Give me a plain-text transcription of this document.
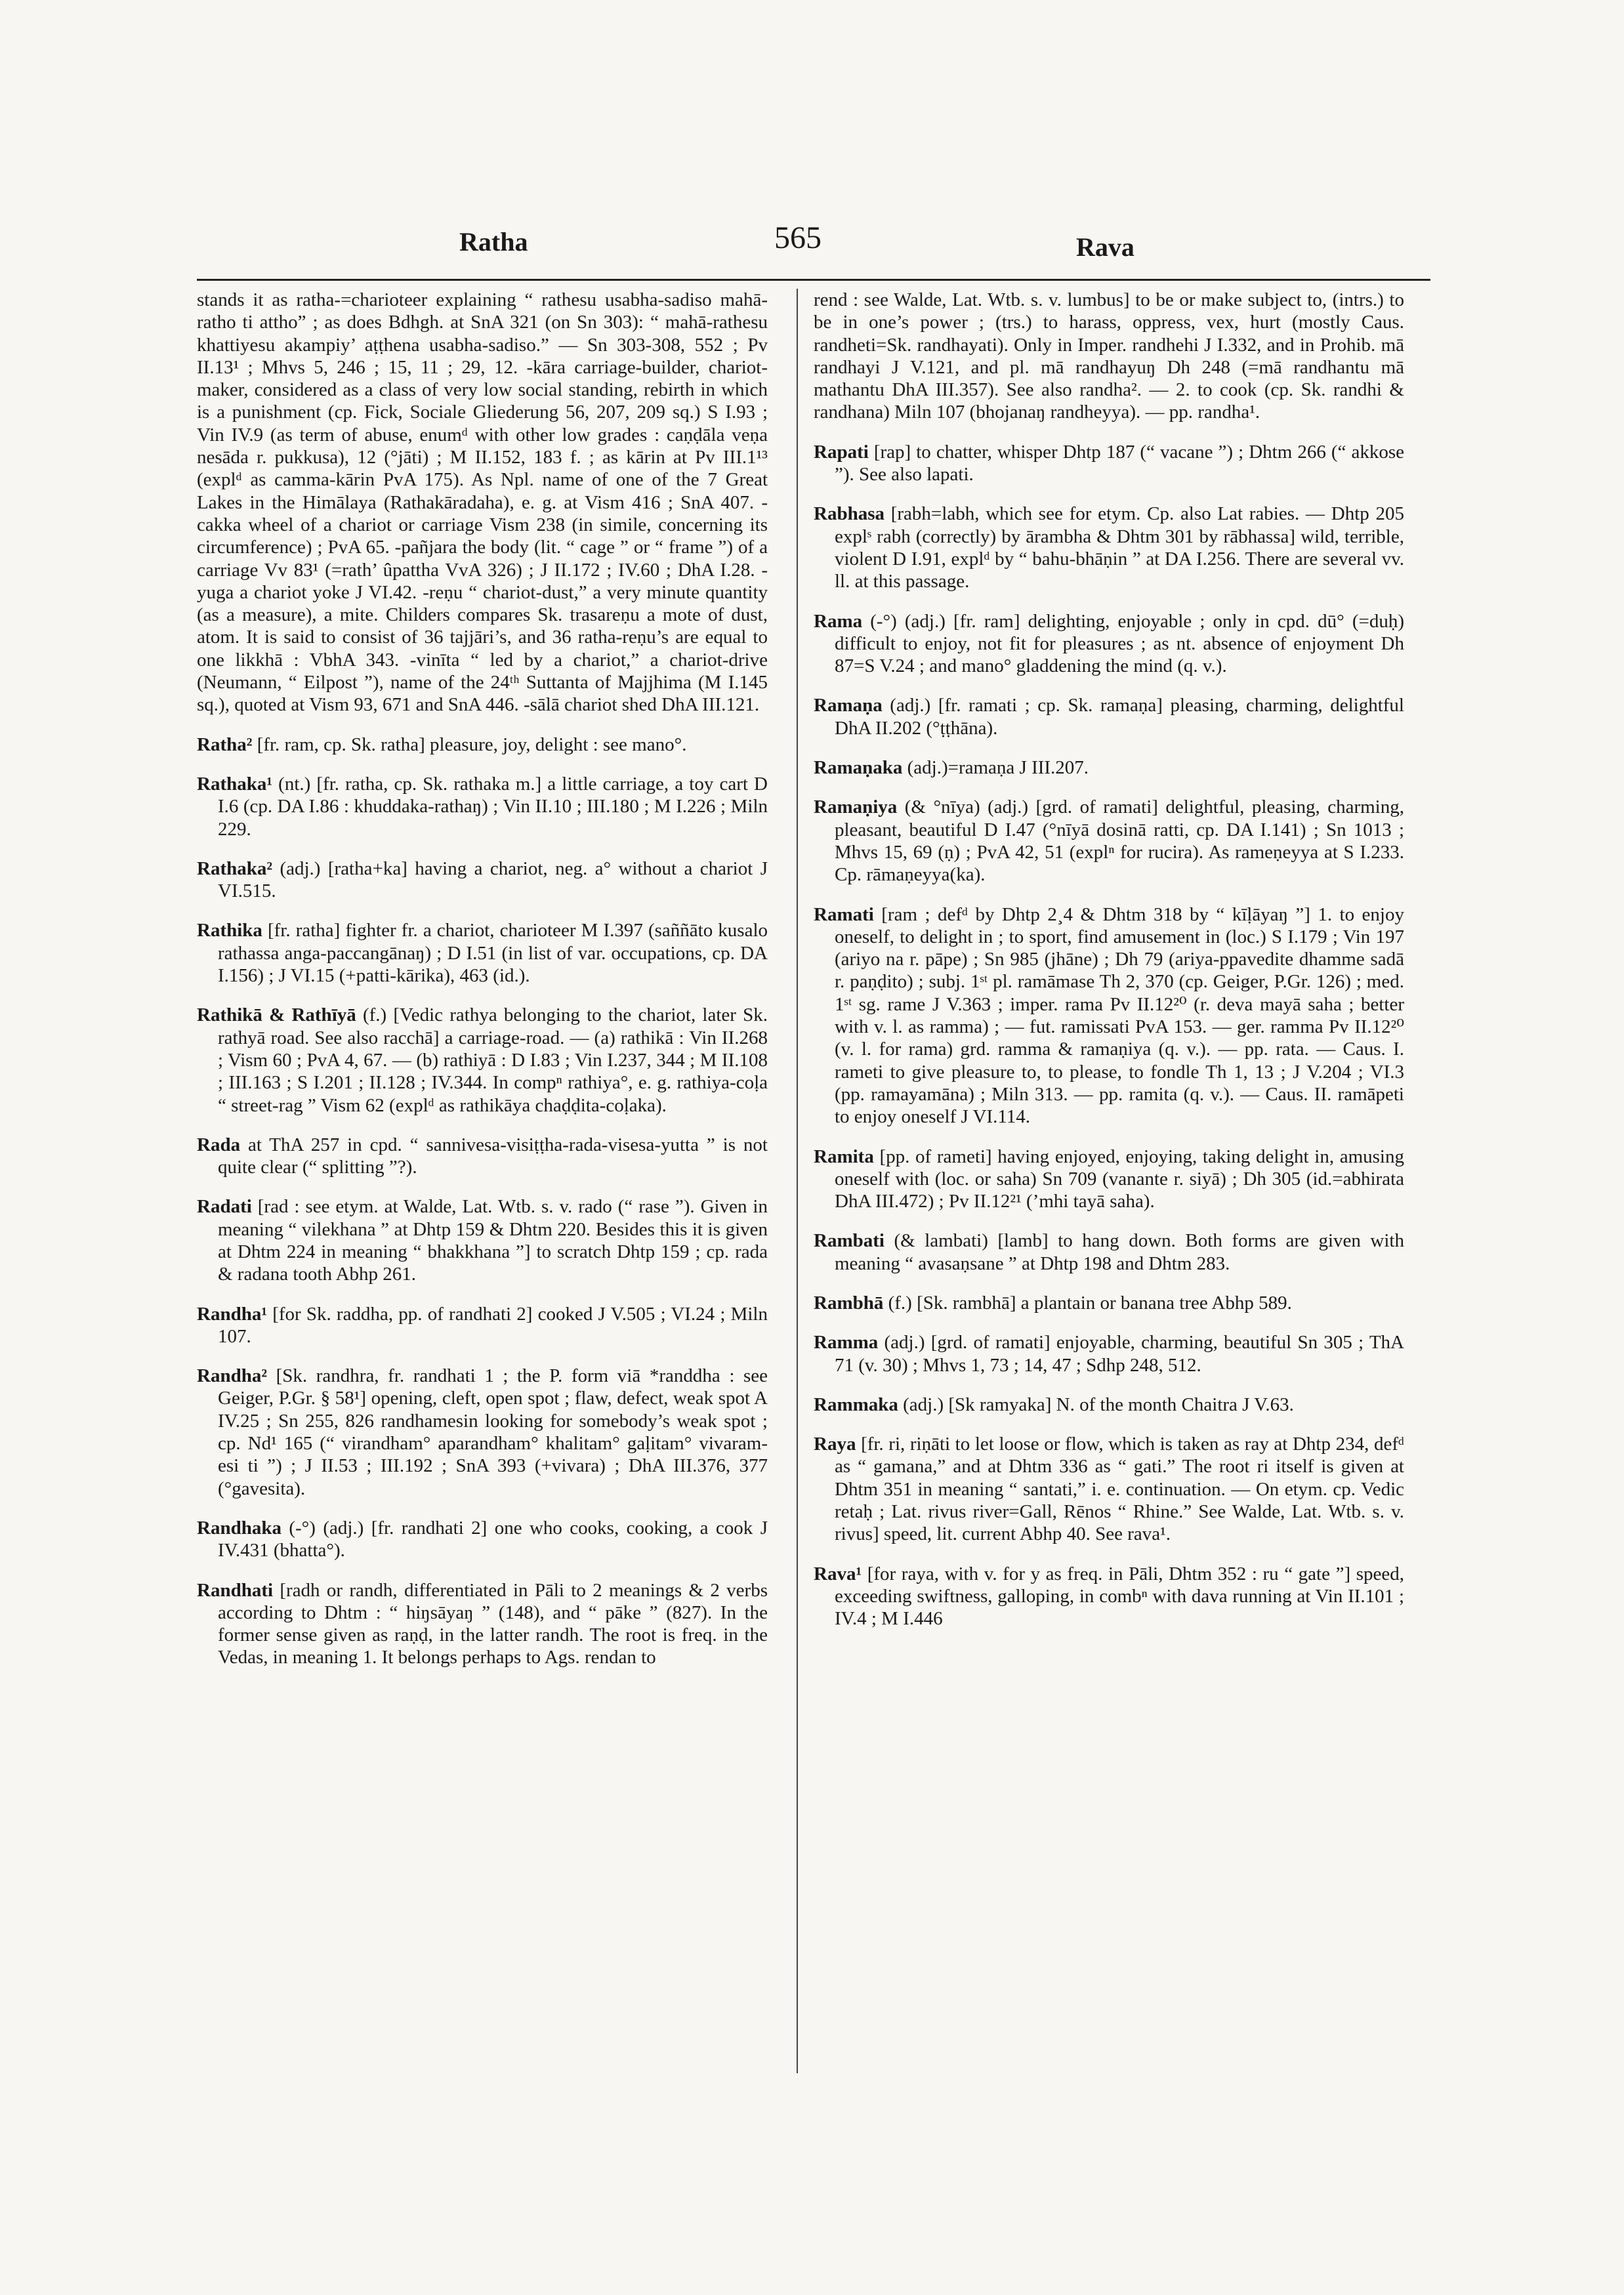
Ratha	565	Rava

stands it as ratha-=charioteer explaining “ rathesu usabha-sadiso mahā-ratho ti attho” ; as does Bdhgh. at SnA 321 (on Sn 303): “ mahā-rathesu khattiyesu akampiy’ aṭṭhena usabha-sadiso.” — Sn 303-308, 552 ; Pv II.13¹ ; Mhvs 5, 246 ; 15, 11 ; 29, 12. -kāra carriage-builder, chariot-maker, considered as a class of very low social standing, rebirth in which is a punishment (cp. Fick, Sociale Gliederung 56, 207, 209 sq.) S I.93 ; Vin IV.9 (as term of abuse, enumᵈ with other low grades : caṇḍāla veṇa nesāda r. pukkusa), 12 (°jāti) ; M II.152, 183 f. ; as kārin at Pv III.1¹³ (explᵈ as camma-kārin PvA 175). As Npl. name of one of the 7 Great Lakes in the Himālaya (Rathakāradaha), e. g. at Vism 416 ; SnA 407. -cakka wheel of a chariot or carriage Vism 238 (in simile, concerning its circumference) ; PvA 65. -pañjara the body (lit. “ cage ” or “ frame ”) of a carriage Vv 83¹ (=rath’ ûpattha VvA 326) ; J II.172 ; IV.60 ; DhA I.28. -yuga a chariot yoke J VI.42. -reṇu “ chariot-dust,” a very minute quantity (as a measure), a mite. Childers compares Sk. trasareṇu a mote of dust, atom. It is said to consist of 36 tajjāri’s, and 36 ratha-reṇu’s are equal to one likkhā : VbhA 343. -vinīta “ led by a chariot,” a chariot-drive (Neumann, “ Eilpost ”), name of the 24ᵗʰ Suttanta of Majjhima (M I.145 sq.), quoted at Vism 93, 671 and SnA 446. -sālā chariot shed DhA III.121.

Ratha² [fr. ram, cp. Sk. ratha] pleasure, joy, delight : see mano°.

Rathaka¹ (nt.) [fr. ratha, cp. Sk. rathaka m.] a little carriage, a toy cart D I.6 (cp. DA I.86 : khuddaka-rathaŋ) ; Vin II.10 ; III.180 ; M I.226 ; Miln 229.

Rathaka² (adj.) [ratha+ka] having a chariot, neg. a° without a chariot J VI.515.

Rathika [fr. ratha] fighter fr. a chariot, charioteer M I.397 (saññāto kusalo rathassa anga-paccangānaŋ) ; D I.51 (in list of var. occupations, cp. DA I.156) ; J VI.15 (+patti-kārika), 463 (id.).

Rathikā & Rathīyā (f.) [Vedic rathya belonging to the chariot, later Sk. rathyā road. See also racchā] a carriage-road. — (a) rathikā : Vin II.268 ; Vism 60 ; PvA 4, 67. — (b) rathiyā : D I.83 ; Vin I.237, 344 ; M II.108 ; III.163 ; S I.201 ; II.128 ; IV.344. In compⁿ rathiya°, e. g. rathiya-coḷa “ street-rag ” Vism 62 (explᵈ as rathikāya chaḍḍita-coḷaka).

Rada at ThA 257 in cpd. “ sannivesa-visiṭṭha-rada-visesa-yutta ” is not quite clear (“ splitting ”?).

Radati [rad : see etym. at Walde, Lat. Wtb. s. v. rado (“ rase ”). Given in meaning “ vilekhana ” at Dhtp 159 & Dhtm 220. Besides this it is given at Dhtm 224 in meaning “ bhakkhana ”] to scratch Dhtp 159 ; cp. rada & radana tooth Abhp 261.

Randha¹ [for Sk. raddha, pp. of randhati 2] cooked J V.505 ; VI.24 ; Miln 107.

Randha² [Sk. randhra, fr. randhati 1 ; the P. form viā *randdha : see Geiger, P.Gr. § 58¹] opening, cleft, open spot ; flaw, defect, weak spot A IV.25 ; Sn 255, 826 randhamesin looking for somebody’s weak spot ; cp. Nd¹ 165 (“ virandham° aparandham° khalitam° gaḷitam° vivaram-esi ti ”) ; J II.53 ; III.192 ; SnA 393 (+vivara) ; DhA III.376, 377 (°gavesita).

Randhaka (-°) (adj.) [fr. randhati 2] one who cooks, cooking, a cook J IV.431 (bhatta°).

Randhati [radh or randh, differentiated in Pāli to 2 meanings & 2 verbs according to Dhtm : “ hiŋsāyaŋ ” (148), and “ pāke ” (827). In the former sense given as raṇḍ, in the latter randh. The root is freq. in the Vedas, in meaning 1. It belongs perhaps to Ags. rendan to

rend : see Walde, Lat. Wtb. s. v. lumbus] to be or make subject to, (intrs.) to be in one’s power ; (trs.) to harass, oppress, vex, hurt (mostly Caus. randheti=Sk. randhayati). Only in Imper. randhehi J I.332, and in Prohib. mā randhayi J V.121, and pl. mā randhayuŋ Dh 248 (=mā randhantu mā mathantu DhA III.357). See also randha². — 2. to cook (cp. Sk. randhi & randhana) Miln 107 (bhojanaŋ randheyya). — pp. randha¹.

Rapati [rap] to chatter, whisper Dhtp 187 (“ vacane ”) ; Dhtm 266 (“ akkose ”). See also lapati.

Rabhasa [rabh=labh, which see for etym. Cp. also Lat rabies. — Dhtp 205 explˢ rabh (correctly) by ārambha & Dhtm 301 by rābhassa] wild, terrible, violent D I.91, explᵈ by “ bahu-bhāṇin ” at DA I.256. There are several vv. ll. at this passage.

Rama (-°) (adj.) [fr. ram] delighting, enjoyable ; only in cpd. dū° (=duḥ) difficult to enjoy, not fit for pleasures ; as nt. absence of enjoyment Dh 87=S V.24 ; and mano° gladdening the mind (q. v.).

Ramaṇa (adj.) [fr. ramati ; cp. Sk. ramaṇa] pleasing, charming, delightful DhA II.202 (°ṭṭhāna).

Ramaṇaka (adj.)=ramaṇa J III.207.

Ramaṇiya (& °nīya) (adj.) [grd. of ramati] delightful, pleasing, charming, pleasant, beautiful D I.47 (°nīyā dosinā ratti, cp. DA I.141) ; Sn 1013 ; Mhvs 15, 69 (ṇ) ; PvA 42, 51 (explⁿ for rucira). As rameṇeyya at S I.233. Cp. rāmaṇeyya(ka).

Ramati [ram ; defᵈ by Dhtp 2¸4 & Dhtm 318 by “ kīḷāyaŋ ”] 1. to enjoy oneself, to delight in ; to sport, find amusement in (loc.) S I.179 ; Vin 197 (ariyo na r. pāpe) ; Sn 985 (jhāne) ; Dh 79 (ariya-ppavedite dhamme sadā r. paṇḍito) ; subj. 1ˢᵗ pl. ramāmase Th 2, 370 (cp. Geiger, P.Gr. 126) ; med. 1ˢᵗ sg. rame J V.363 ; imper. rama Pv II.12²⁰ (r. deva mayā saha ; better with v. l. as ramma) ; — fut. ramissati PvA 153. — ger. ramma Pv II.12²⁰ (v. l. for rama) grd. ramma & ramaṇiya (q. v.). — pp. rata. — Caus. I. rameti to give pleasure to, to please, to fondle Th 1, 13 ; J V.204 ; VI.3 (pp. ramayamāna) ; Miln 313. — pp. ramita (q. v.). — Caus. II. ramāpeti to enjoy oneself J VI.114.

Ramita [pp. of rameti] having enjoyed, enjoying, taking delight in, amusing oneself with (loc. or saha) Sn 709 (vanante r. siyā) ; Dh 305 (id.=abhirata DhA III.472) ; Pv II.12²¹ (’mhi tayā saha).

Rambati (& lambati) [lamb] to hang down. Both forms are given with meaning “ avasaṇsane ” at Dhtp 198 and Dhtm 283.

Rambhā (f.) [Sk. rambhā] a plantain or banana tree Abhp 589.

Ramma (adj.) [grd. of ramati] enjoyable, charming, beautiful Sn 305 ; ThA 71 (v. 30) ; Mhvs 1, 73 ; 14, 47 ; Sdhp 248, 512.

Rammaka (adj.) [Sk ramyaka] N. of the month Chaitra J V.63.

Raya [fr. ri, riṇāti to let loose or flow, which is taken as ray at Dhtp 234, defᵈ as “ gamana,” and at Dhtm 336 as “ gati.” The root ri itself is given at Dhtm 351 in meaning “ santati,” i. e. continuation. — On etym. cp. Vedic retaḥ ; Lat. rivus river=Gall, Rēnos “ Rhine.” See Walde, Lat. Wtb. s. v. rivus] speed, lit. current Abhp 40. See rava¹.

Rava¹ [for raya, with v. for y as freq. in Pāli, Dhtm 352 : ru “ gate ”] speed, exceeding swiftness, galloping, in combⁿ with dava running at Vin II.101 ; IV.4 ; M I.446
